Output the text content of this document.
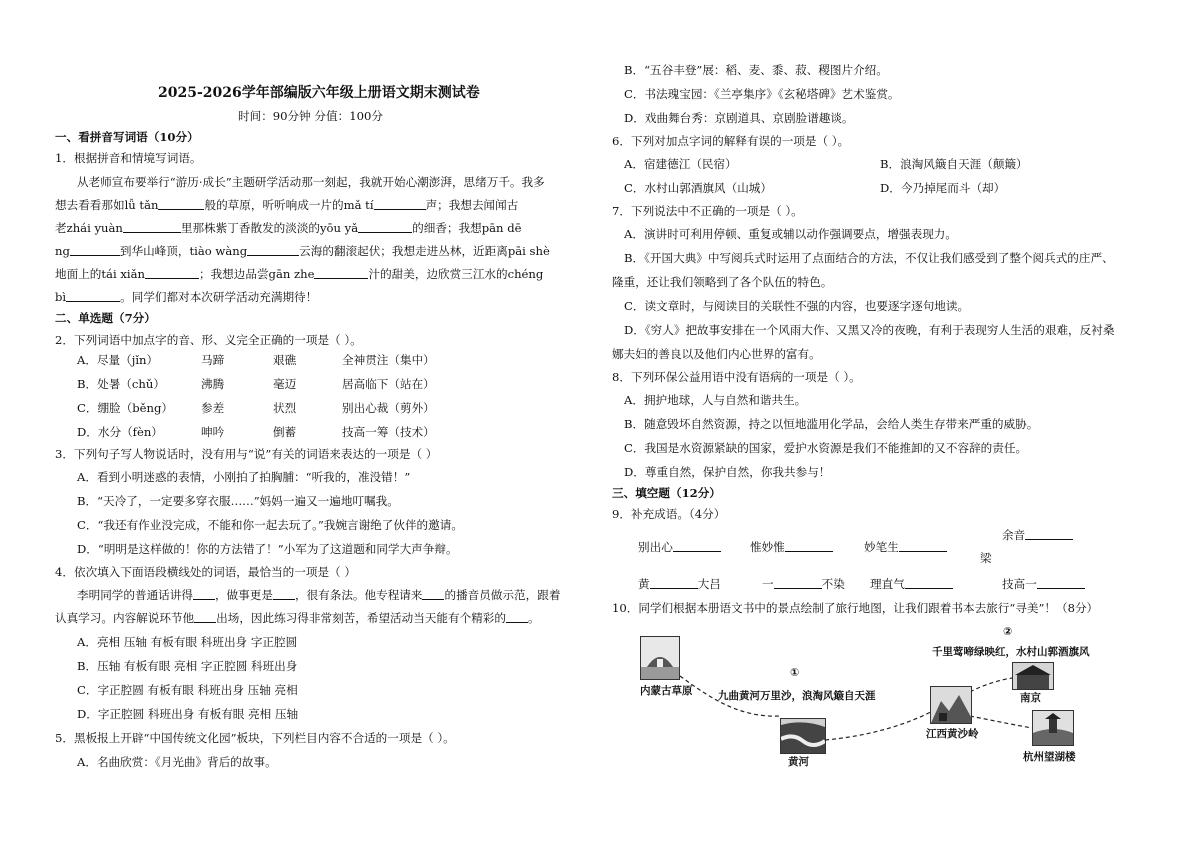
2025-2026学年部编版六年级上册语文期末测试卷
时间：90分钟 分值：100分
一、看拼音写词语（10分）
1．根据拼音和情境写词语。
从老师宣布要举行“游历·成长”主题研学活动那一刻起，我就开始心潮澎湃，思绪万千。我多
想去看看那如lǚ tǎn	般的草原，听听响成一片的mǎ tí	声；我想去闻闻古
老zhái yuàn	里那株紫丁香散发的淡淡的yōu yǎ	的细香；我想pān dē
ng	到华山峰顶，tiào wàng	云海的翻滚起伏；我想走进丛林，近距离pāi shè
地面上的tái xiǎn	；我想边品尝gān zhe	汁的甜美，边欣赏三江水的chéng
bì	。同学们都对本次研学活动充满期待！
二、单选题（7分）
2．下列词语中加点字的音、形、义完全正确的一项是（ ）。
A．尽量（jǐn）	马蹄	艰礁	全神贯注（集中）
B．处暑（chǔ）	沸腾	毫迈	居高临下（站在）
C．绷脸（běng） 参差	状烈	别出心裁（剪外）
D．水分（fèn）	呻吟	倒蓄	技高一筹（技术）
3．下列句子写人物说话时，没有用与“说”有关的词语来表达的一项是（ ）
A．看到小明迷惑的表情，小刚拍了拍胸脯：“听我的，准没错！”
B．“天冷了，一定要多穿衣服……”妈妈一遍又一遍地叮嘱我。
C．“我还有作业没完成，不能和你一起去玩了。”我婉言谢绝了伙伴的邀请。
D．“明明是这样做的！你的方法错了！”小军为了这道题和同学大声争辩。
4．依次填入下面语段横线处的词语，最恰当的一项是（ ）
李明同学的普通话讲得 ，做事更是 ，很有条法。他专程请来 的播音员做示范，跟着
认真学习。内容解说环节他 出场，因此练习得非常刻苦，希望活动当天能有个精彩的 。
A．亮相 压轴 有板有眼 科班出身 字正腔圆
B．压轴 有板有眼 亮相 字正腔圆 科班出身
C．字正腔圆 有板有眼 科班出身 压轴 亮相
D．字正腔圆 科班出身 有板有眼 亮相 压轴
5．黑板报上开辟“中国传统文化园”板块，下列栏目内容不合适的一项是（ ）。
A．名曲欣赏：《月光曲》背后的故事。
B．“五谷丰登”展：稻、麦、黍、菽、稷图片介绍。
C．书法瑰宝园：《兰亭集序》《玄秘塔碑》艺术鉴赏。
D．戏曲舞台秀：京剧道具、京剧脸谱趣谈。
6．下列对加点字词的解释有误的一项是（ ）。
A．宿建德江（民宿）	B．浪淘风簸自天涯（颠簸）
C．水村山郭酒旗风（山城）	D．今乃掉尾而斗（却）
7．下列说法中不正确的一项是（ ）。
A．演讲时可利用停顿、重复或辅以动作强调要点，增强表现力。
B．《开国大典》中写阅兵式时运用了点面结合的方法，不仅让我们感受到了整个阅兵式的庄严、
隆重，还让我们领略到了各个队伍的特色。
C．读文章时，与阅读目的关联性不强的内容，也要逐字逐句地读。
D．《穷人》把故事安排在一个风雨大作、又黑又冷的夜晚，有利于表现穷人生活的艰难，反衬桑
娜夫妇的善良以及他们内心世界的富有。
8．下列环保公益用语中没有语病的一项是（ ）。
A．拥护地球，人与自然和谐共生。
B．随意毁坏自然资源，持之以恒地滥用化学品，会给人类生存带来严重的威胁。
C．我国是水资源紧缺的国家，爱护水资源是我们不能推卸的又不容辞的责任。
D．尊重自然，保护自然，你我共参与！
三、填空题（12分）
9．补充成语。（4分）
别出心	惟妙惟	妙笔生
余音
梁
黄	大吕	一	不染 理直气	技高一
10．同学们根据本册语文书中的景点绘制了旅行地图，让我们跟着书本去旅行“寻美”！（8分）
内蒙古草原
①
九曲黄河万里沙，浪淘风簸自天涯
黄河
江西黄沙岭
②
千里莺啼绿映红，水村山郭酒旗风
南京
杭州望湖楼
